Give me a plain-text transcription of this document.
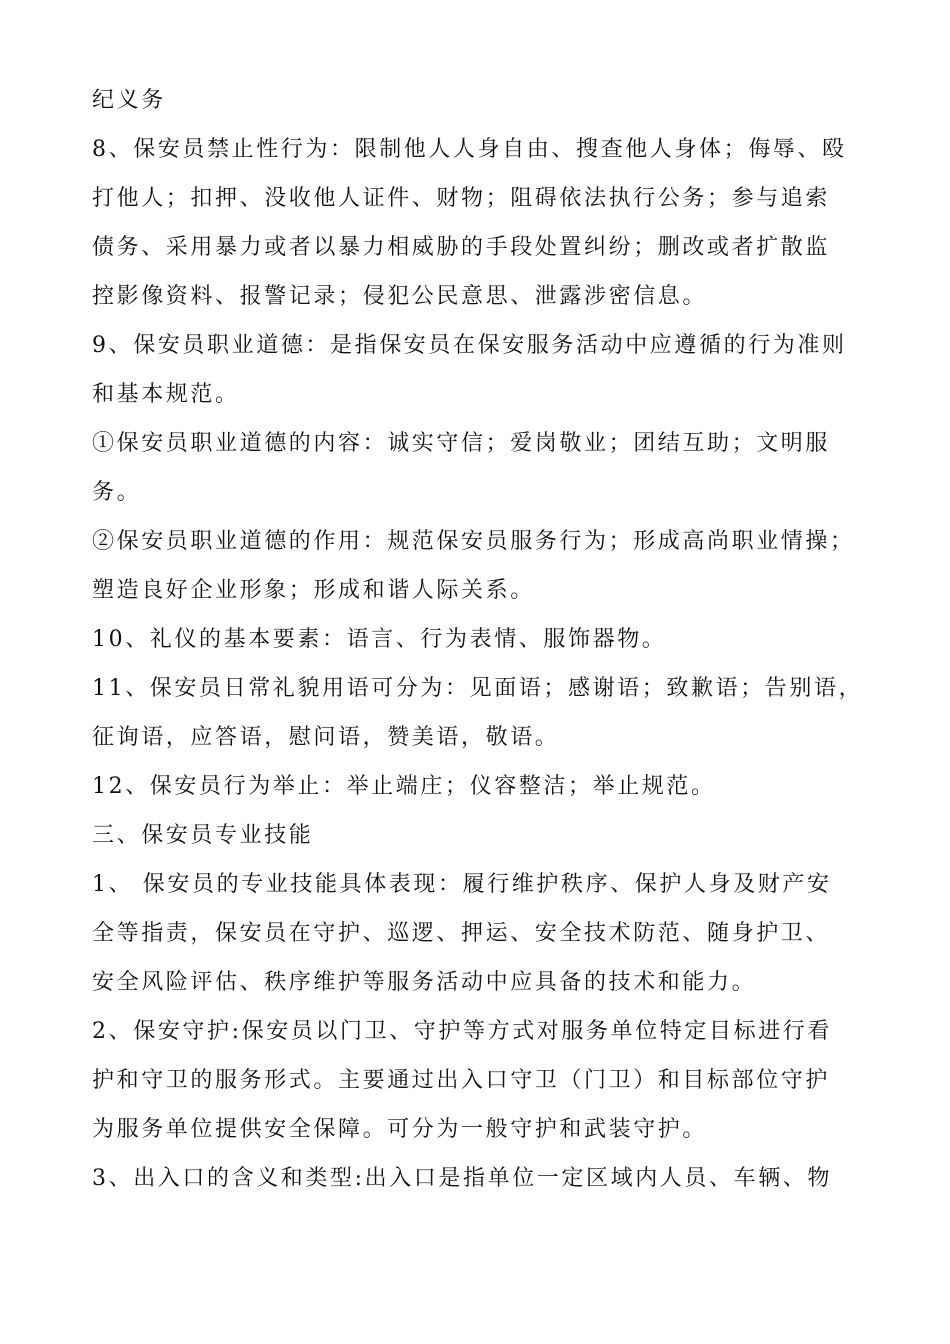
纪义务
8、保安员禁止性行为：限制他人人身自由、搜查他人身体；侮辱、殴
打他人；扣押、没收他人证件、财物；阻碍依法执行公务；参与追索
债务、采用暴力或者以暴力相威胁的手段处置纠纷；删改或者扩散监
控影像资料、报警记录；侵犯公民意思、泄露涉密信息。
9、保安员职业道德：是指保安员在保安服务活动中应遵循的行为准则
和基本规范。
①保安员职业道德的内容：诚实守信；爱岗敬业；团结互助；文明服
务。
②保安员职业道德的作用：规范保安员服务行为；形成高尚职业情操；
塑造良好企业形象；形成和谐人际关系。
10、礼仪的基本要素：语言、行为表情、服饰器物。
11、保安员日常礼貌用语可分为：见面语；感谢语；致歉语；告别语，
征询语，应答语，慰问语，赞美语，敬语。
12、保安员行为举止：举止端庄；仪容整洁；举止规范。
三、保安员专业技能
1、 保安员的专业技能具体表现：履行维护秩序、保护人身及财产安
全等指责，保安员在守护、巡逻、押运、安全技术防范、随身护卫、
安全风险评估、秩序维护等服务活动中应具备的技术和能力。
2、保安守护:保安员以门卫、守护等方式对服务单位特定目标进行看
护和守卫的服务形式。主要通过出入口守卫（门卫）和目标部位守护
为服务单位提供安全保障。可分为一般守护和武装守护。
3、出入口的含义和类型:出入口是指单位一定区域内人员、车辆、物
